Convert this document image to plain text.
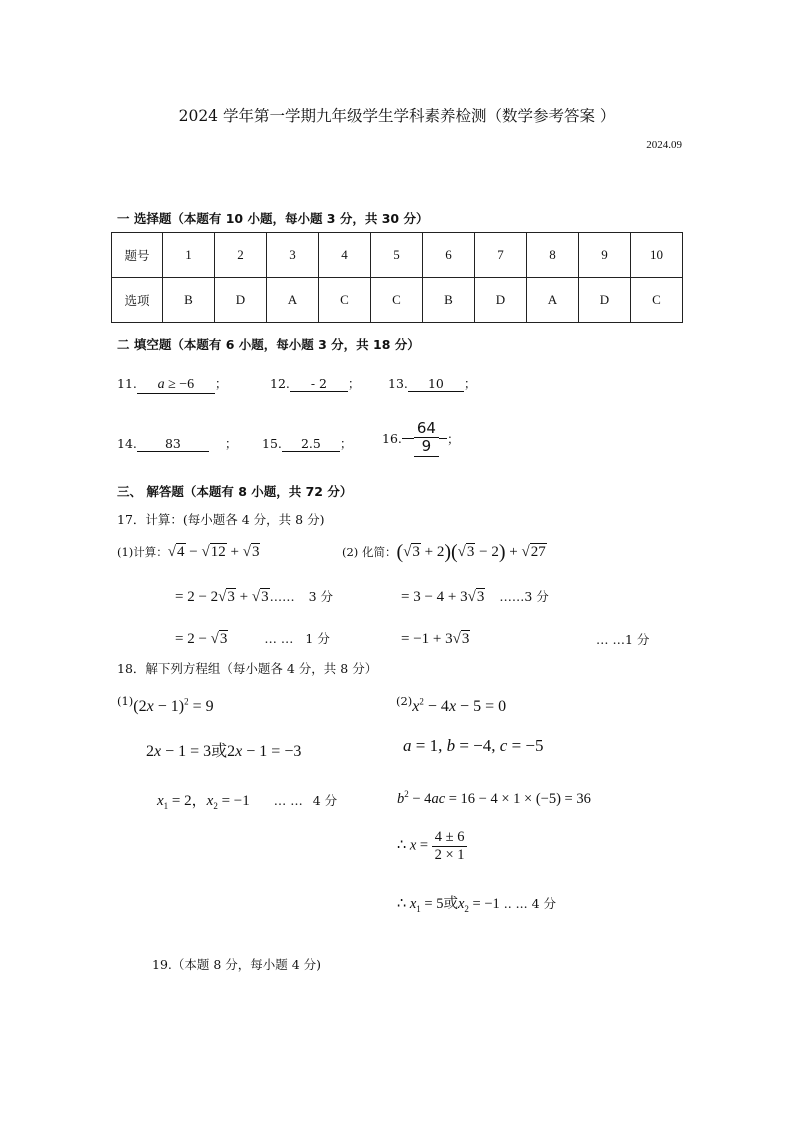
2024 学年第一学期九年级学生学科素养检测（数学参考答案 ）
2024.09
一 选择题（本题有 10 小题，每小题 3 分，共 30 分）
题号	1	2	3	4	5	6	7	8	9	10
选项	B	D	A	C	C	B	D	A	D	C
二 填空题（本题有 6 小题，每小题 3 分，共 18 分）
11. a ≥ −6 ；	12. - 2 ； 13. 10 ；
14. 83	； 15. 2.5 ； 16. $\frac{64}{9}$ ；
三、 解答题（本题有 8 小题，共 72 分）
17．计算：(每小题各 4 分，共 8 分)
(1)计算：√4 − √12 + √3
= 2 − 2√3 + √3…… 3 分
= 2 − √3	… … 1 分
(2) 化简：(√3 + 2)(√3 − 2) + √27
= 3 − 4 + 3√3 ……3 分
= −1 + 3√3	… …1 分
18．解下列方程组（每小题各 4 分，共 8 分）
$^{(1)}(2x - 1)^2 = 9$
2x − 1 = 3或2x − 1 = −3
$x_1 = 2$，$x_2 = -1$ … … 4 分
$^{(2)}x^2 - 4x - 5 = 0$
a = 1, b = −4, c = −5
$b^2 - 4ac = 16 - 4 \times 1 \times (-5) = 36$
∴ $x = \frac{4 \pm 6}{2 \times 1}$
∴ $x_1 = 5$或$x_2 = -1$ .. ... 4 分
19.（本题 8 分，每小题 4 分)
